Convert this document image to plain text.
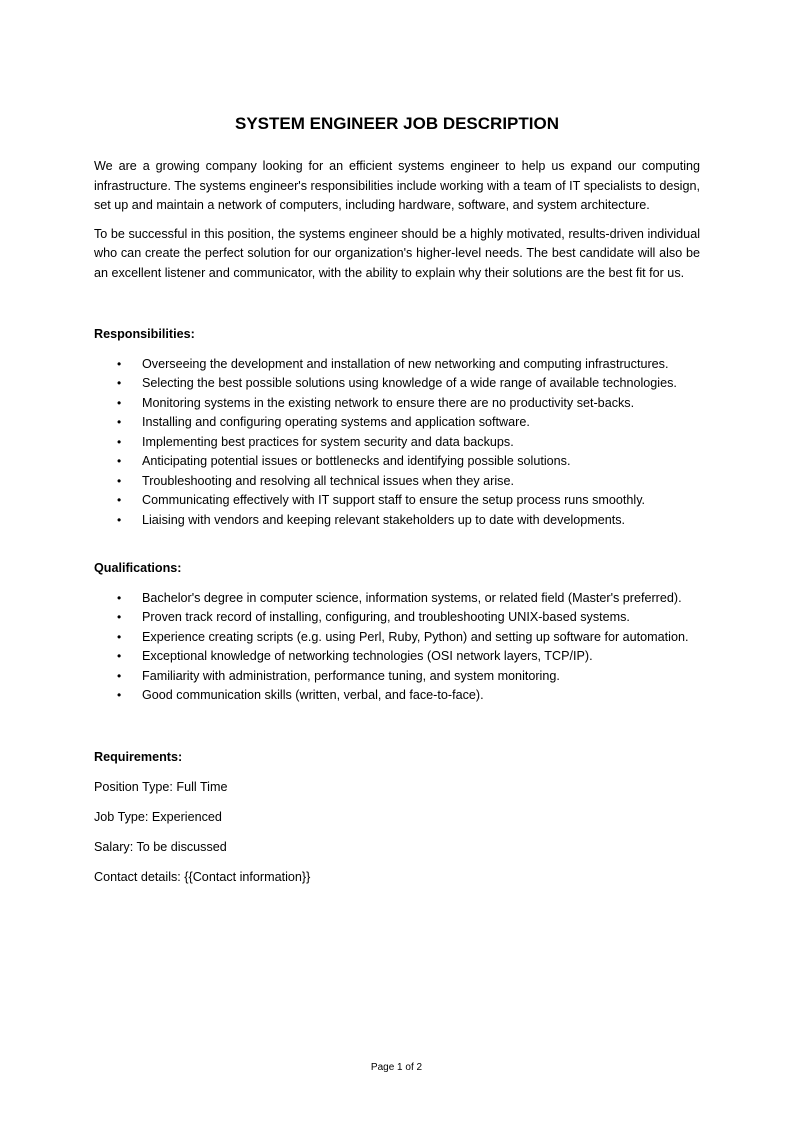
SYSTEM ENGINEER JOB DESCRIPTION

We are a growing company looking for an efficient systems engineer to help us expand our computing infrastructure. The systems engineer's responsibilities include working with a team of IT specialists to design, set up and maintain a network of computers, including hardware, software, and system architecture.

To be successful in this position, the systems engineer should be a highly motivated, results-driven individual who can create the perfect solution for our organization's higher-level needs. The best candidate will also be an excellent listener and communicator, with the ability to explain why their solutions are the best fit for us.

Responsibilities:
• Overseeing the development and installation of new networking and computing infrastructures.
• Selecting the best possible solutions using knowledge of a wide range of available technologies.
• Monitoring systems in the existing network to ensure there are no productivity set-backs.
• Installing and configuring operating systems and application software.
• Implementing best practices for system security and data backups.
• Anticipating potential issues or bottlenecks and identifying possible solutions.
• Troubleshooting and resolving all technical issues when they arise.
• Communicating effectively with IT support staff to ensure the setup process runs smoothly.
• Liaising with vendors and keeping relevant stakeholders up to date with developments.
Qualifications:
• Bachelor's degree in computer science, information systems, or related field (Master's preferred).
• Proven track record of installing, configuring, and troubleshooting UNIX-based systems.
• Experience creating scripts (e.g. using Perl, Ruby, Python) and setting up software for automation.
• Exceptional knowledge of networking technologies (OSI network layers, TCP/IP).
• Familiarity with administration, performance tuning, and system monitoring.
• Good communication skills (written, verbal, and face-to-face).
Requirements:
Position Type: Full Time
Job Type: Experienced
Salary: To be discussed
Contact details: {{Contact information}}
Page 1 of 2
